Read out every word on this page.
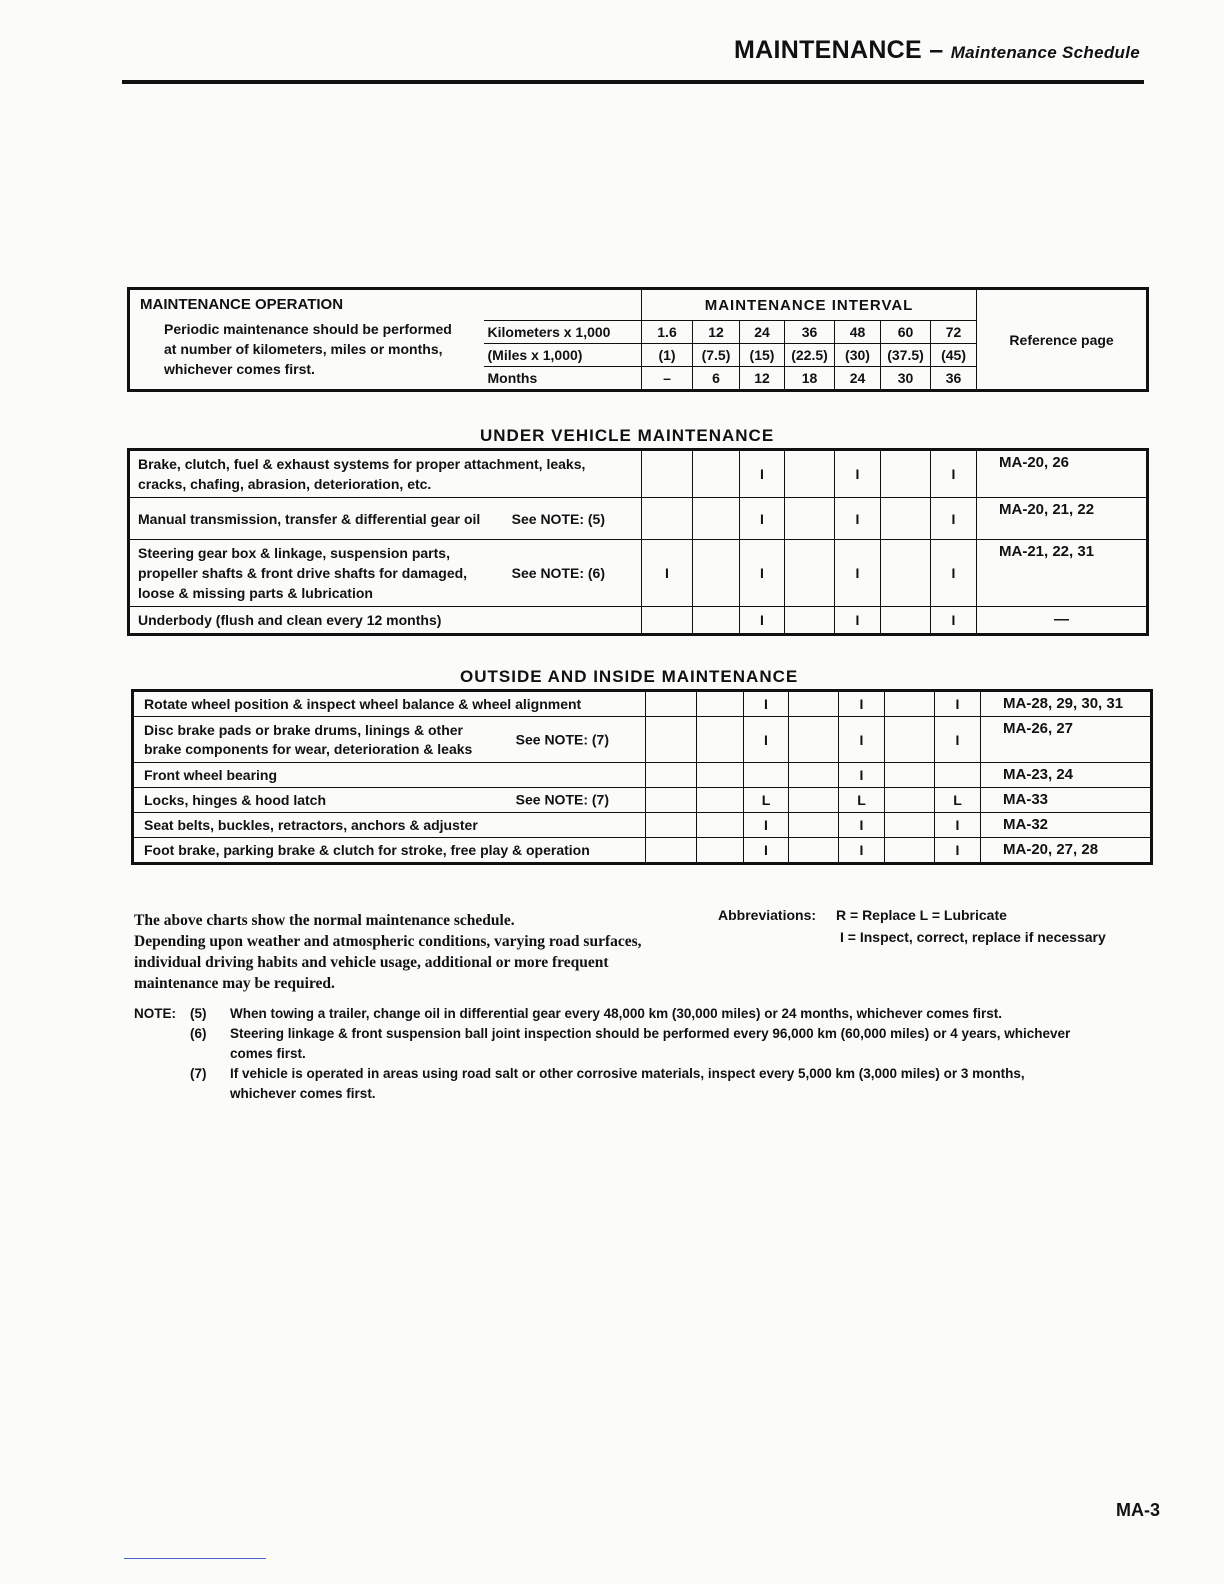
MAINTENANCE – Maintenance Schedule
MAINTENANCE OPERATION
Periodic maintenance should be performed
at number of kilometers, miles or months,
whichever comes first.		MAINTENANCE INTERVAL							Reference page
	Kilometers x 1,000	1.6	12	24	36	48	60	72	
	(Miles x 1,000)	(1)	(7.5)	(15)	(22.5)	(30)	(37.5)	(45)	
	Months	–	6	12	18	24	30	36	
UNDER VEHICLE MAINTENANCE
Brake, clutch, fuel & exhaust systems for proper attachment, leaks, cracks, chafing, abrasion, deterioration, etc.			I		I		I	MA-20, 26

Manual transmission, transfer & differential gear oil See NOTE: (5)			I		I		I	MA-20, 21, 22

Steering gear box & linkage, suspension parts, propeller shafts & front drive shafts for damaged, loose & missing parts & lubrication
See NOTE: (6)	I		I		I		I	MA-21, 22, 31

Underbody (flush and clean every 12 months)			I		I		I	—
OUTSIDE AND INSIDE MAINTENANCE
Rotate wheel position & inspect wheel balance & wheel alignment			I		I		I	MA-28, 29, 30, 31

Disc brake pads or brake drums, linings & other brake components for wear, deterioration & leaks
See NOTE: (7)			I		I		I	MA-26, 27

Front wheel bearing					I			MA-23, 24

Locks, hinges & hood latch See NOTE: (7)			L		L		L	MA-33

Seat belts, buckles, retractors, anchors & adjuster			I		I		I	MA-32

Foot brake, parking brake & clutch for stroke, free play & operation			I		I		I	MA-20, 27, 28
The above charts show the normal maintenance schedule.
Depending upon weather and atmospheric conditions, varying road surfaces,
individual driving habits and vehicle usage, additional or more frequent
maintenance may be required.
Abbreviations: R = Replace L = Lubricate
I = Inspect, correct, replace if necessary
NOTE:	(5)	When towing a trailer, change oil in differential gear every 48,000 km (30,000 miles) or 24 months, whichever comes first.
(6)	Steering linkage & front suspension ball joint inspection should be performed every 96,000 km (60,000 miles) or 4 years, whichever comes first.
(7)	If vehicle is operated in areas using road salt or other corrosive materials, inspect every 5,000 km (3,000 miles) or 3 months, whichever comes first.
MA-3
